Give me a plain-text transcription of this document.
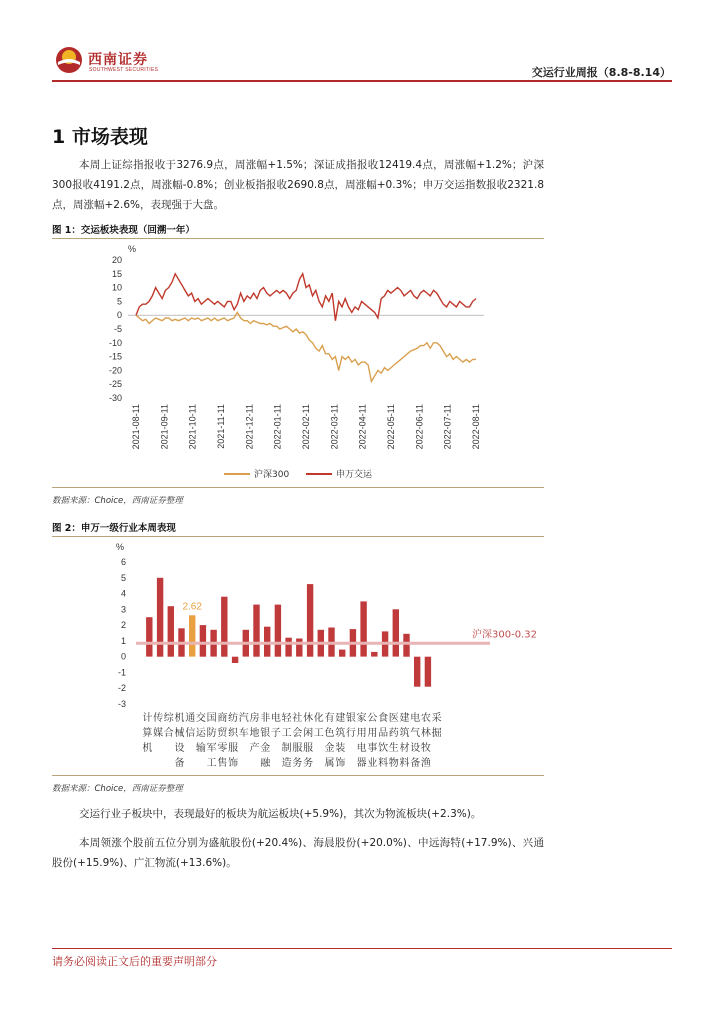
西南证券
SOUTHWEST SECURITIES	交运行业周报（8.8-8.14）
1 市场表现
本周上证综指报收于3276.9点，周涨幅+1.5%；深证成指报收12419.4点，周涨幅+1.2%；沪深300报收4191.2点，周涨幅-0.8%；创业板指报收2690.8点，周涨幅+0.3%；申万交运指数报收2321.8点，周涨幅+2.6%，表现强于大盘。
图 1：交运板块表现（回溯一年）
%
20
15
10
5
0
-5
-10
-15
-20
-25
-30
2021-08-11 2021-09-11 2021-10-11 2021-11-11 2021-12-11 2022-01-11 2022-02-11 2022-03-11 2022-04-11 2022-05-11 2022-06-11 2022-07-11 2022-08-11
沪深300	申万交运
数据来源：Choice，西南证券整理
图 2：申万一级行业本周表现
%
6
5
4
3
2
1
0
-1
-2
-3
2.62
沪深300-0.32
计算机
传媒
综合
机械设备
通信
交运输
国防军工
商贸零售
纺织服饰
汽车
房地产
非银金融
电子
轻工制造
社会服务
休闲服务
化工
有色金属
建筑装饰
银行
家用电器
公用事业
食品饮料
医药生物
建筑材料
电气设备
农林牧渔
采掘
数据来源：Choice，西南证券整理
交运行业子板块中，表现最好的板块为航运板块(+5.9%)，其次为物流板块(+2.3%)。
本周领涨个股前五位分别为盛航股份(+20.4%)、海晨股份(+20.0%)、中远海特(+17.9%)、兴通股份(+15.9%)、广汇物流(+13.6%)。
请务必阅读正文后的重要声明部分
